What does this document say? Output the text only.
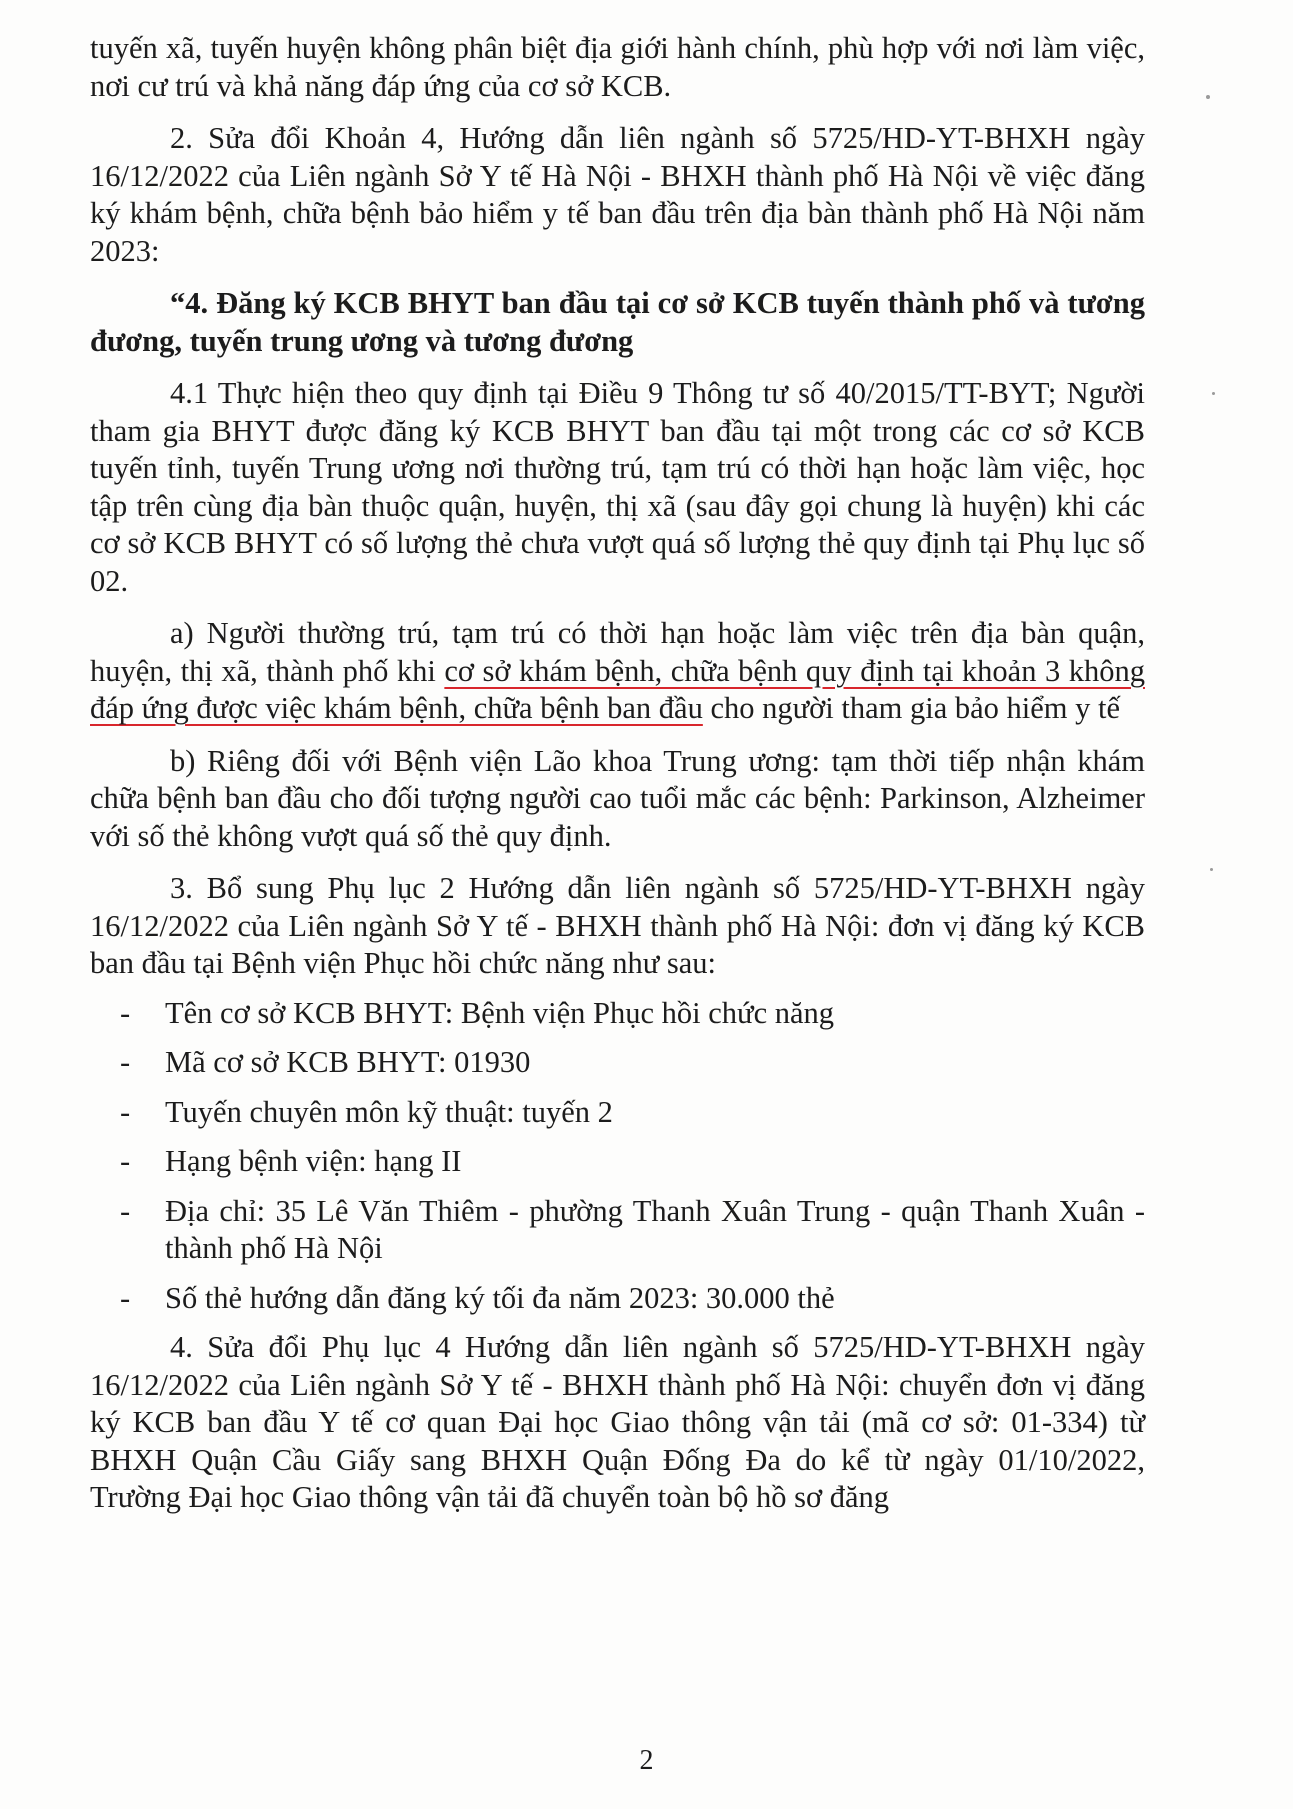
tuyến xã, tuyến huyện không phân biệt địa giới hành chính, phù hợp với nơi làm việc, nơi cư trú và khả năng đáp ứng của cơ sở KCB.

2. Sửa đổi Khoản 4, Hướng dẫn liên ngành số 5725/HD-YT-BHXH ngày 16/12/2022 của Liên ngành Sở Y tế Hà Nội - BHXH thành phố Hà Nội về việc đăng ký khám bệnh, chữa bệnh bảo hiểm y tế ban đầu trên địa bàn thành phố Hà Nội năm 2023:

“4. Đăng ký KCB BHYT ban đầu tại cơ sở KCB tuyến thành phố và tương đương, tuyến trung ương và tương đương

4.1 Thực hiện theo quy định tại Điều 9 Thông tư số 40/2015/TT-BYT; Người tham gia BHYT được đăng ký KCB BHYT ban đầu tại một trong các cơ sở KCB tuyến tỉnh, tuyến Trung ương nơi thường trú, tạm trú có thời hạn hoặc làm việc, học tập trên cùng địa bàn thuộc quận, huyện, thị xã (sau đây gọi chung là huyện) khi các cơ sở KCB BHYT có số lượng thẻ chưa vượt quá số lượng thẻ quy định tại Phụ lục số 02.

a) Người thường trú, tạm trú có thời hạn hoặc làm việc trên địa bàn quận, huyện, thị xã, thành phố khi cơ sở khám bệnh, chữa bệnh quy định tại khoản 3 không đáp ứng được việc khám bệnh, chữa bệnh ban đầu cho người tham gia bảo hiểm y tế

b) Riêng đối với Bệnh viện Lão khoa Trung ương: tạm thời tiếp nhận khám chữa bệnh ban đầu cho đối tượng người cao tuổi mắc các bệnh: Parkinson, Alzheimer với số thẻ không vượt quá số thẻ quy định.

3. Bổ sung Phụ lục 2 Hướng dẫn liên ngành số 5725/HD-YT-BHXH ngày 16/12/2022 của Liên ngành Sở Y tế - BHXH thành phố Hà Nội: đơn vị đăng ký KCB ban đầu tại Bệnh viện Phục hồi chức năng như sau:

- Tên cơ sở KCB BHYT: Bệnh viện Phục hồi chức năng
- Mã cơ sở KCB BHYT: 01930
- Tuyến chuyên môn kỹ thuật: tuyến 2
- Hạng bệnh viện: hạng II
- Địa chỉ: 35 Lê Văn Thiêm - phường Thanh Xuân Trung - quận Thanh Xuân - thành phố Hà Nội
- Số thẻ hướng dẫn đăng ký tối đa năm 2023: 30.000 thẻ

4. Sửa đổi Phụ lục 4 Hướng dẫn liên ngành số 5725/HD-YT-BHXH ngày 16/12/2022 của Liên ngành Sở Y tế - BHXH thành phố Hà Nội: chuyển đơn vị đăng ký KCB ban đầu Y tế cơ quan Đại học Giao thông vận tải (mã cơ sở: 01-334) từ BHXH Quận Cầu Giấy sang BHXH Quận Đống Đa do kể từ ngày 01/10/2022, Trường Đại học Giao thông vận tải đã chuyển toàn bộ hồ sơ đăng

2
